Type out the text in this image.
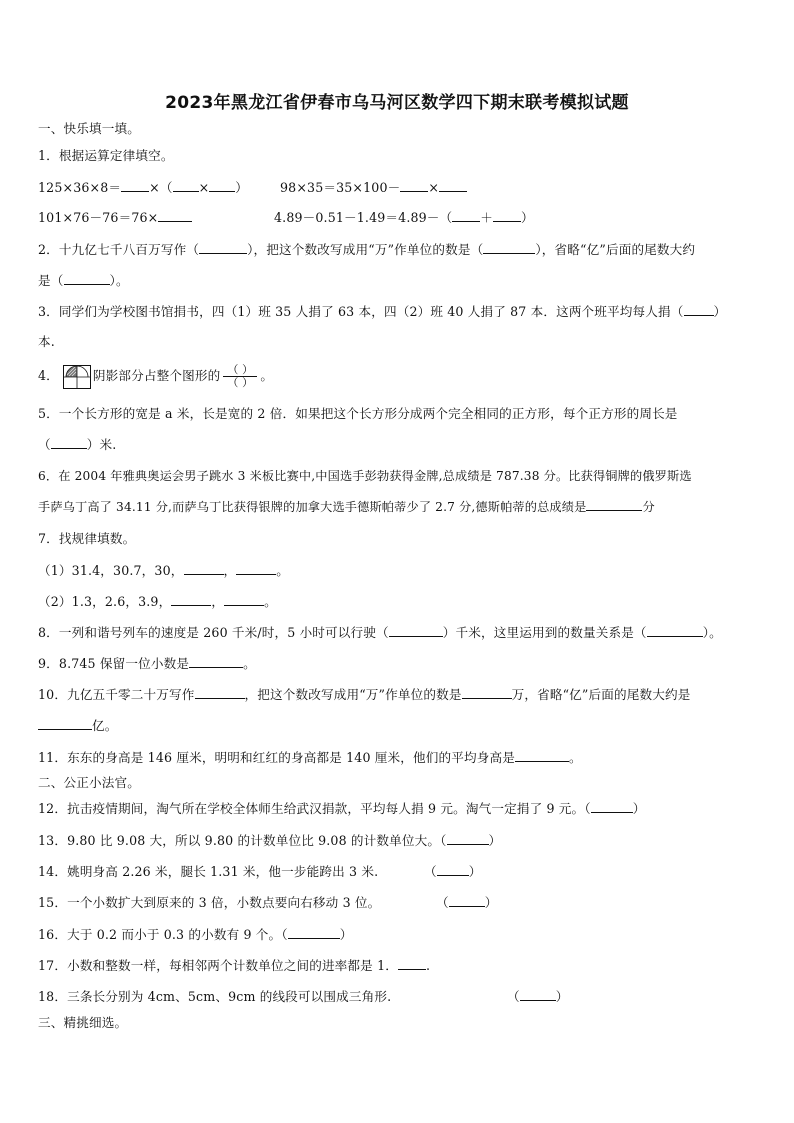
2023年黑龙江省伊春市乌马河区数学四下期末联考模拟试题
一、快乐填一填。
1．根据运算定律填空。
125×36×8＝ ×（ × ）	98×35＝35×100－ ×
101×76－76＝76×	4.89－0.51－1.49＝4.89－（ ＋ ）
2．十九亿七千八百万写作（	），把这个数改写成用“万”作单位的数是（	），省略“亿”后面的尾数大约
是（	）。
3．同学们为学校图书馆捐书，四（1）班 35 人捐了 63 本，四（2）班 40 人捐了 87 本．这两个班平均每人捐（ ）
本.
4．	阴影部分占整个图形的 $\frac{( )}{( )}$ 。
5．一个长方形的宽是 a 米，长是宽的 2 倍．如果把这个长方形分成两个完全相同的正方形，每个正方形的周长是
（	）米.
6．在 2004 年雅典奥运会男子跳水 3 米板比赛中,中国选手彭勃获得金牌,总成绩是 787.38 分。比获得铜牌的俄罗斯选
手萨乌丁高了 34.11 分,而萨乌丁比获得银牌的加拿大选手德斯帕蒂少了 2.7 分,德斯帕蒂的总成绩是	分
7．找规律填数。
（1）31.4，30.7，30，	，	。
（2）1.3，2.6，3.9，	，	。
8．一列和谐号列车的速度是 260 千米/时，5 小时可以行驶（	）千米，这里运用到的数量关系是（	）。
9．8.745 保留一位小数是	。
10．九亿五千零二十万写作	，把这个数改写成用“万”作单位的数是	万，省略“亿”后面的尾数大约是
亿。
11．东东的身高是 146 厘米，明明和红红的身高都是 140 厘米，他们的平均身高是	。
二、公正小法官。
12．抗击疫情期间，淘气所在学校全体师生给武汉捐款，平均每人捐 9 元。淘气一定捐了 9 元。（	）
13．9.80 比 9.08 大，所以 9.80 的计数单位比 9.08 的计数单位大。（	）
14．姚明身高 2.26 米，腿长 1.31 米，他一步能跨出 3 米.	（	）
15．一个小数扩大到原来的 3 倍，小数点要向右移动 3 位。	（	）
16．大于 0.2 而小于 0.3 的小数有 9 个。（	）
17．小数和整数一样，每相邻两个计数单位之间的进率都是 1． .
18．三条长分别为 4cm、5cm、9cm 的线段可以围成三角形.	（	）
三、精挑细选。
